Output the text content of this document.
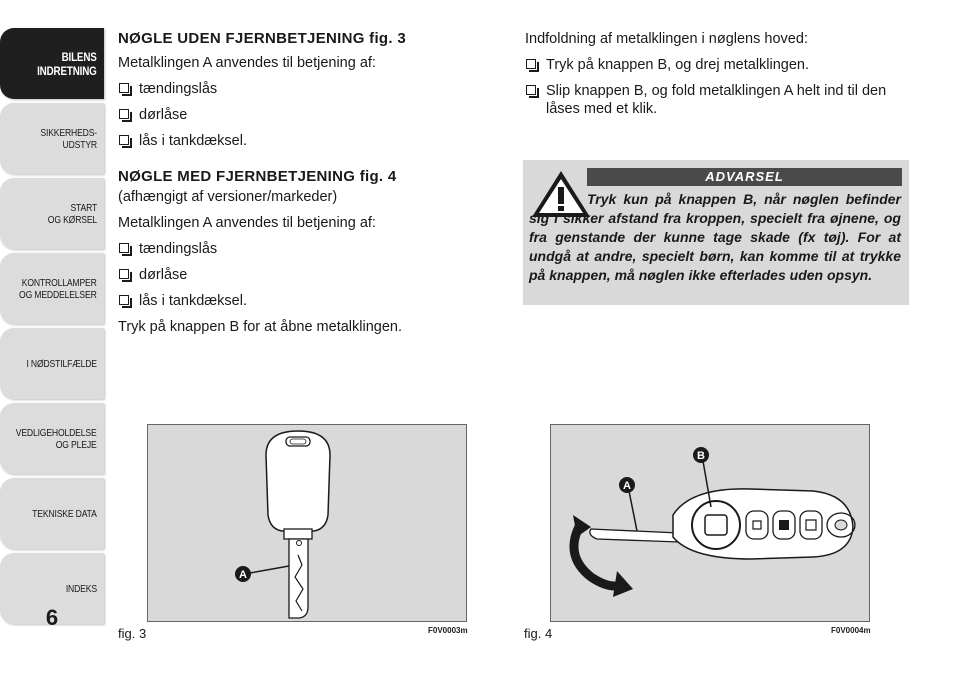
BILENS
INDRETNING
SIKKERHEDS-
UDSTYR
START
OG KØRSEL
KONTROLLAMPER
OG MEDDELELSER
I NØDSTILFÆLDE
VEDLIGEHOLDELSE
OG PLEJE
TEKNISKE DATA
INDEKS
6
NØGLE UDEN FJERNBETJENING fig. 3
Metalklingen A anvendes til betjening af:
tændingslås
dørlåse
lås i tankdæksel.
NØGLE MED FJERNBETJENING fig. 4
(afhængigt af versioner/markeder)
Metalklingen A anvendes til betjening af:
tændingslås
dørlåse
lås i tankdæksel.
Tryk på knappen B for at åbne metalklingen.
Indfoldning af metalklingen i nøglens hoved:
Tryk på knappen B, og drej metalklingen.
Slip knappen B, og fold metalklingen A helt ind til den låses med et klik.
ADVARSEL
Tryk kun på knappen B, når nøglen befinder sig i sikker afstand fra kroppen, specielt fra øjnene, og fra genstande der kunne tage skade (fx tøj). For at undgå at andre, specielt børn, kan komme til at trykke på knappen, må nøglen ikke efterlades uden opsyn.
A
fig. 3	F0V0003m
A
B
fig. 4	F0V0004m
